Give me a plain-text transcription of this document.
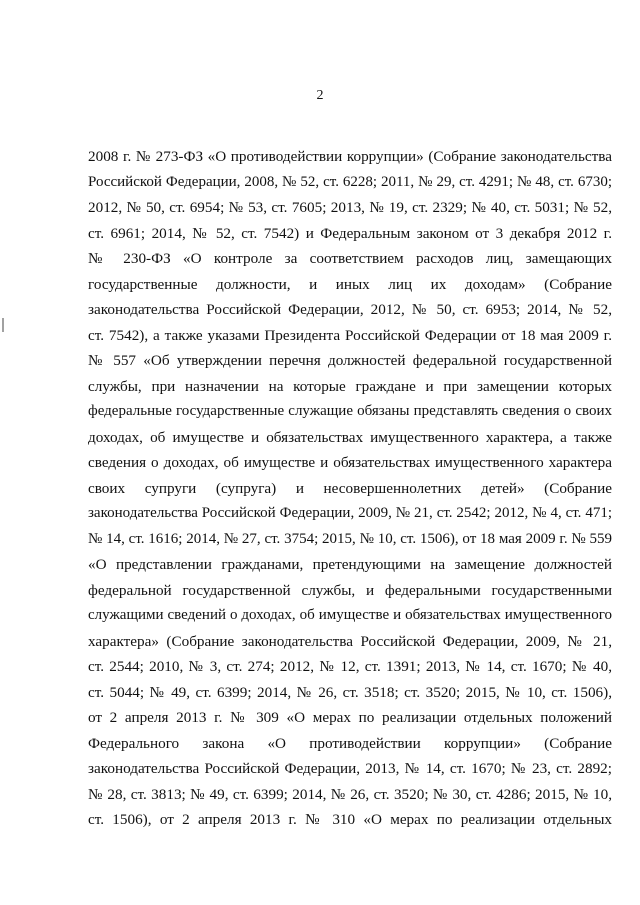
2
2008 г. № 273-ФЗ «О противодействии коррупции» (Собрание законодательства
Российской Федерации, 2008, № 52, ст. 6228; 2011, № 29, ст. 4291; № 48, ст. 6730;
2012, № 50, ст. 6954; № 53, ст. 7605; 2013, № 19, ст. 2329; № 40, ст. 5031; № 52,
ст. 6961; 2014, № 52, ст. 7542) и Федеральным законом от 3 декабря 2012 г.
№ 230-ФЗ «О контроле за соответствием расходов лиц, замещающих
государственные должности, и иных лиц их доходам» (Собрание
законодательства Российской Федерации, 2012, № 50, ст. 6953; 2014, № 52,
ст. 7542), а также указами Президента Российской Федерации от 18 мая 2009 г.
№ 557 «Об утверждении перечня должностей федеральной государственной
службы, при назначении на которые граждане и при замещении которых
федеральные государственные служащие обязаны представлять сведения о своих
доходах, об имуществе и обязательствах имущественного характера, а также
сведения о доходах, об имуществе и обязательствах имущественного характера
своих супруги (супруга) и несовершеннолетних детей» (Собрание
законодательства Российской Федерации, 2009, № 21, ст. 2542; 2012, № 4, ст. 471;
№ 14, ст. 1616; 2014, № 27, ст. 3754; 2015, № 10, ст. 1506), от 18 мая 2009 г. № 559
«О представлении гражданами, претендующими на замещение должностей
федеральной государственной службы, и федеральными государственными
служащими сведений о доходах, об имуществе и обязательствах имущественного
характера» (Собрание законодательства Российской Федерации, 2009, № 21,
ст. 2544; 2010, № 3, ст. 274; 2012, № 12, ст. 1391; 2013, № 14, ст. 1670; № 40,
ст. 5044; № 49, ст. 6399; 2014, № 26, ст. 3518; ст. 3520; 2015, № 10, ст. 1506),
от 2 апреля 2013 г. № 309 «О мерах по реализации отдельных положений
Федерального закона «О противодействии коррупции» (Собрание
законодательства Российской Федерации, 2013, № 14, ст. 1670; № 23, ст. 2892;
№ 28, ст. 3813; № 49, ст. 6399; 2014, № 26, ст. 3520; № 30, ст. 4286; 2015, № 10,
ст. 1506), от 2 апреля 2013 г. № 310 «О мерах по реализации отдельных
